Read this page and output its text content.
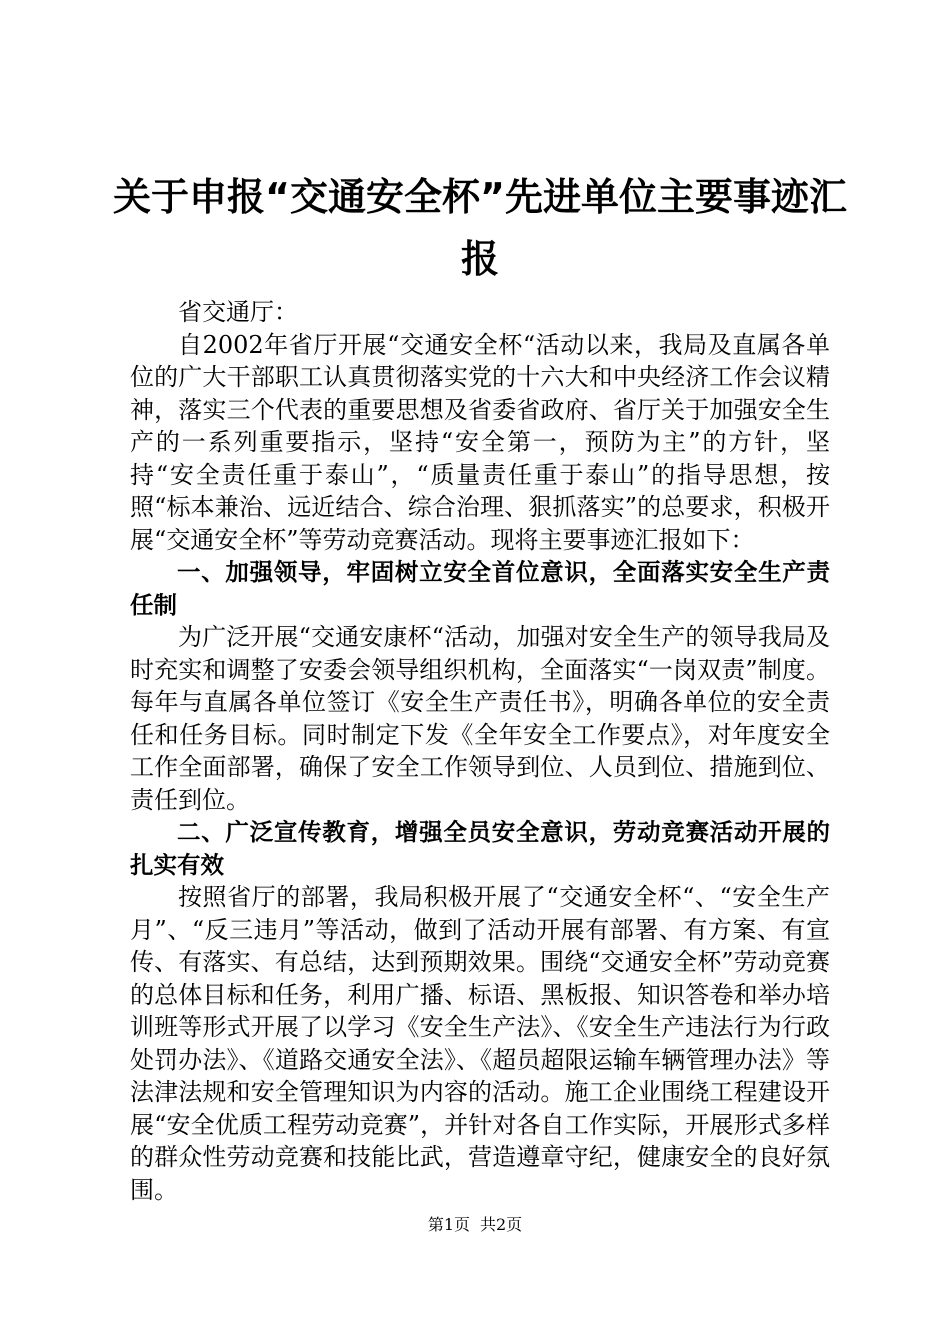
关于申报“交通安全杯”先进单位主要事迹汇报

省交通厅：

自2002年省厅开展“交通安全杯“活动以来，我局及直属各单位的广大干部职工认真贯彻落实党的十六大和中央经济工作会议精神，落实三个代表的重要思想及省委省政府、省厅关于加强安全生产的一系列重要指示，坚持“安全第一，预防为主”的方针，坚持“安全责任重于泰山”，“质量责任重于泰山”的指导思想，按照“标本兼治、远近结合、综合治理、狠抓落实”的总要求，积极开展“交通安全杯”等劳动竞赛活动。现将主要事迹汇报如下：

一、加强领导，牢固树立安全首位意识，全面落实安全生产责任制

为广泛开展“交通安康杯“活动，加强对安全生产的领导我局及时充实和调整了安委会领导组织机构，全面落实“一岗双责”制度。每年与直属各单位签订《安全生产责任书》，明确各单位的安全责任和任务目标。同时制定下发《全年安全工作要点》，对年度安全工作全面部署，确保了安全工作领导到位、人员到位、措施到位、责任到位。

二、广泛宣传教育，增强全员安全意识，劳动竞赛活动开展的扎实有效

按照省厅的部署，我局积极开展了“交通安全杯“、“安全生产月”、“反三违月”等活动，做到了活动开展有部署、有方案、有宣传、有落实、有总结，达到预期效果。围绕“交通安全杯”劳动竞赛的总体目标和任务，利用广播、标语、黑板报、知识答卷和举办培训班等形式开展了以学习《安全生产法》、《安全生产违法行为行政处罚办法》、《道路交通安全法》、《超员超限运输车辆管理办法》等法津法规和安全管理知识为内容的活动。施工企业围绕工程建设开展“安全优质工程劳动竞赛”，并针对各自工作实际，开展形式多样的群众性劳动竞赛和技能比武，营造遵章守纪，健康安全的良好氛围。

第1页 共2页
